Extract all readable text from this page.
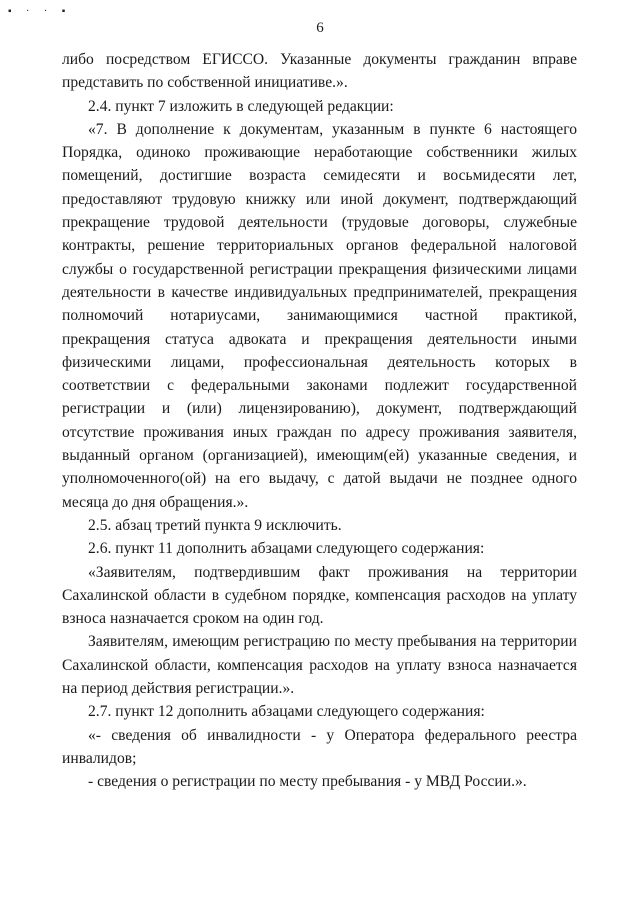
▪ · · ▪
6

либо посредством ЕГИССО. Указанные документы гражданин вправе представить по собственной инициативе.».

2.4. пункт 7 изложить в следующей редакции:

«7. В дополнение к документам, указанным в пункте 6 настоящего Порядка, одиноко проживающие неработающие собственники жилых помещений, достигшие возраста семидесяти и восьмидесяти лет, предоставляют трудовую книжку или иной документ, подтверждающий прекращение трудовой деятельности (трудовые договоры, служебные контракты, решение территориальных органов федеральной налоговой службы о государственной регистрации прекращения физическими лицами деятельности в качестве индивидуальных предпринимателей, прекращения полномочий нотариусами, занимающимися частной практикой, прекращения статуса адвоката и прекращения деятельности иными физическими лицами, профессиональная деятельность которых в соответствии с федеральными законами подлежит государственной регистрации и (или) лицензированию), документ, подтверждающий отсутствие проживания иных граждан по адресу проживания заявителя, выданный органом (организацией), имеющим(ей) указанные сведения, и уполномоченного(ой) на его выдачу, с датой выдачи не позднее одного месяца до дня обращения.».

2.5. абзац третий пункта 9 исключить.

2.6. пункт 11 дополнить абзацами следующего содержания:

«Заявителям, подтвердившим факт проживания на территории Сахалинской области в судебном порядке, компенсация расходов на уплату взноса назначается сроком на один год.

Заявителям, имеющим регистрацию по месту пребывания на территории Сахалинской области, компенсация расходов на уплату взноса назначается на период действия регистрации.».

2.7. пункт 12 дополнить абзацами следующего содержания:

«- сведения об инвалидности - у Оператора федерального реестра инвалидов;

- сведения о регистрации по месту пребывания - у МВД России.».
